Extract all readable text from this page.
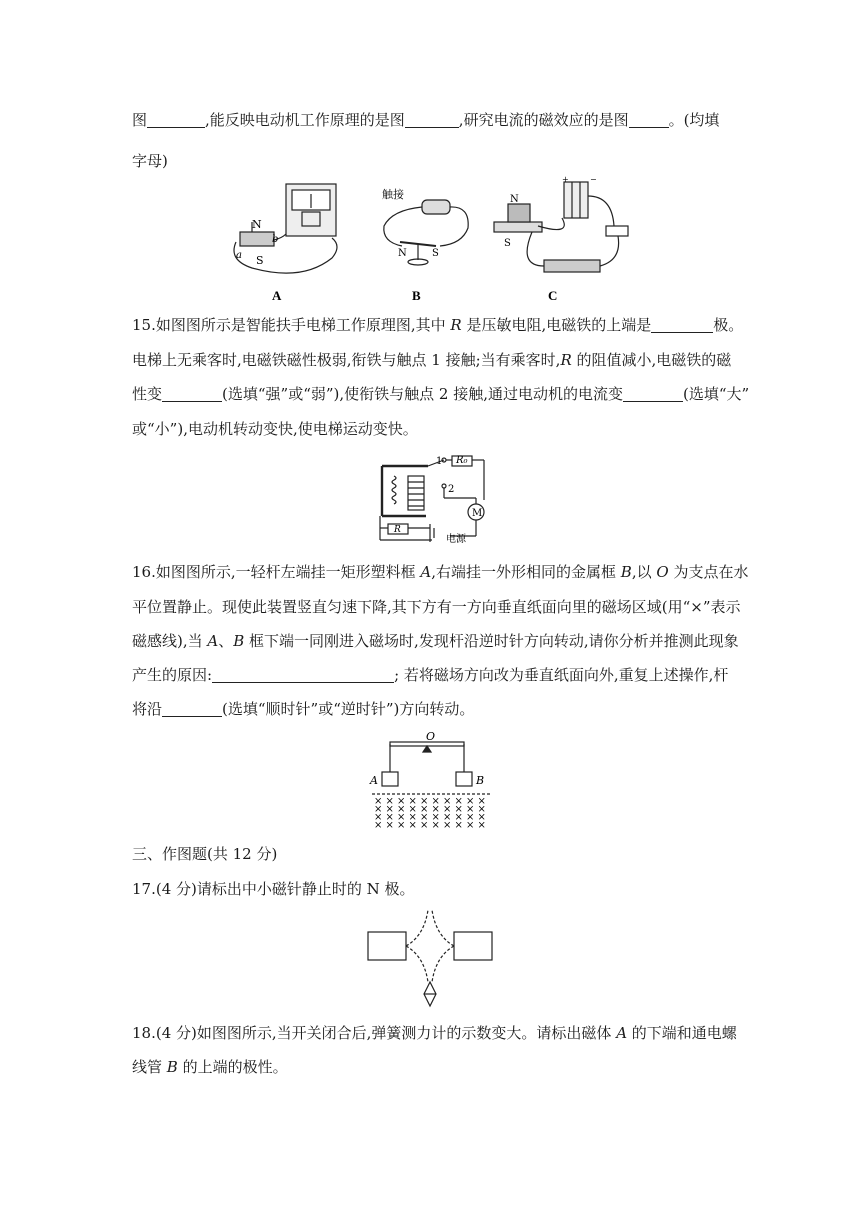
图	,能反映电动机工作原理的是图	,研究电流的磁效应的是图	。(均填
字母)
N
S
a
b
A
触接
N	S
B
N
S
+	−
C
15.如图图所示是智能扶手电梯工作原理图,其中 R 是压敏电阻,电磁铁的上端是	极。
电梯上无乘客时,电磁铁磁性极弱,衔铁与触点 1 接触;当有乘客时,R 的阻值减小,电磁铁的磁
性变	(选填“强”或“弱”),使衔铁与触点 2 接触,通过电动机的电流变	(选填“大”
或“小”),电动机转动变快,使电梯运动变快。
R₀
1
2
M
R
电源
16.如图图所示,一轻杆左端挂一矩形塑料框 A,右端挂一外形相同的金属框 B,以 O 为支点在水
平位置静止。现使此装置竖直匀速下降,其下方有一方向垂直纸面向里的磁场区域(用“×”表示
磁感线),当 A、B 框下端一同刚进入磁场时,发现杆沿逆时针方向转动,请你分析并推测此现象
产生的原因:	; 若将磁场方向改为垂直纸面向外,重复上述操作,杆
将沿	(选填“顺时针”或“逆时针”)方向转动。
O
A	B
× × × × × × × × × ×
× × × × × × × × × ×
× × × × × × × × × ×
× × × × × × × × × ×
三、作图题(共 12 分)
17.(4 分)请标出中小磁针静止时的 N 极。
18.(4 分)如图图所示,当开关闭合后,弹簧测力计的示数变大。请标出磁体 A 的下端和通电螺
线管 B 的上端的极性。
